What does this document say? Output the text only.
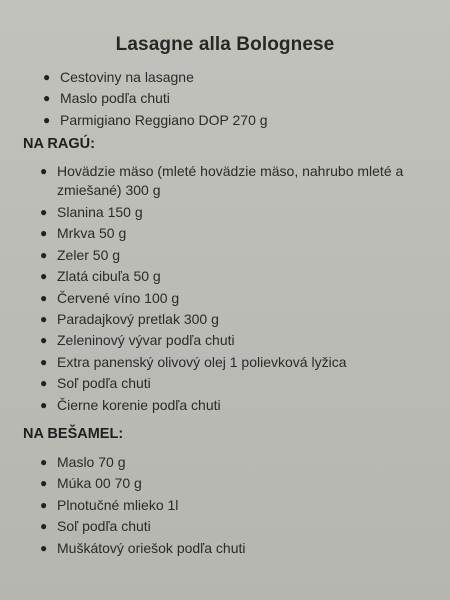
Lasagne alla Bolognese
● Cestoviny na lasagne
● Maslo podľa chuti
● Parmigiano Reggiano DOP 270 g
NA RAGÚ:
● Hovädzie mäso (mleté hovädzie mäso, nahrubo mleté a zmiešané) 300 g
● Slanina 150 g
● Mrkva 50 g
● Zeler 50 g
● Zlatá cibuľa 50 g
● Červené víno 100 g
● Paradajkový pretlak 300 g
● Zeleninový vývar podľa chuti
● Extra panenský olivový olej 1 polievková lyžica
● Soľ podľa chuti
● Čierne korenie podľa chuti
NA BEŠAMEL:
● Maslo 70 g
● Múka 00 70 g
● Plnotučné mlieko 1l
● Soľ podľa chuti
● Muškátový oriešok podľa chuti
